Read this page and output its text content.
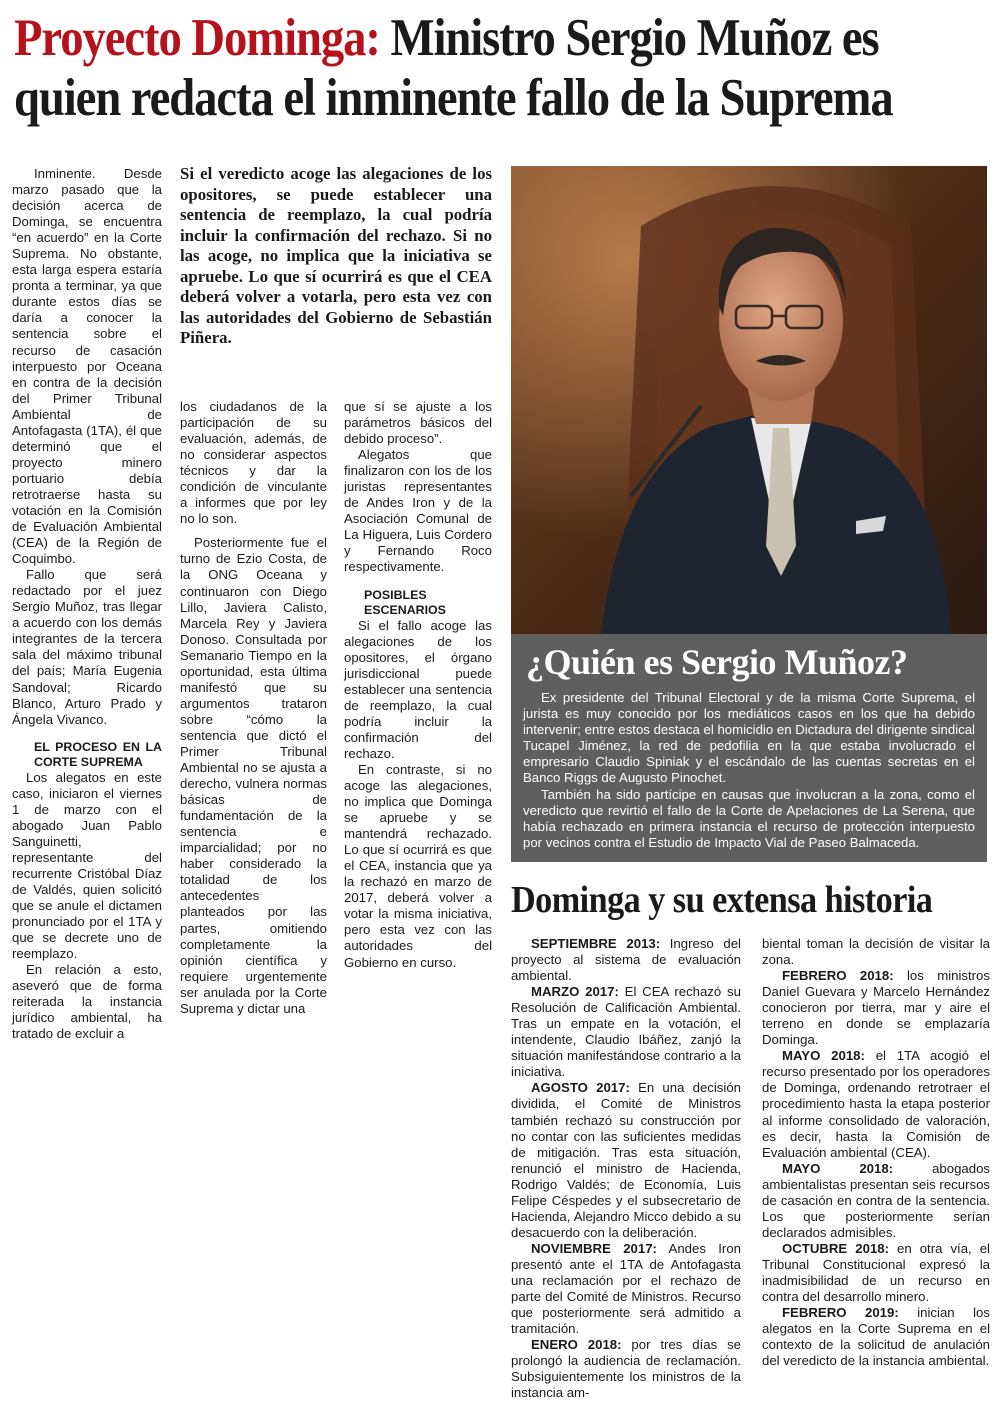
Proyecto Dominga: Ministro Sergio Muñoz es quien redacta el inminente fallo de la Suprema

Inminente. Desde marzo pasado que la decisión acerca de Dominga, se encuentra “en acuerdo” en la Corte Suprema. No obstante, esta larga espera estaría pronta a terminar, ya que durante estos días se daría a conocer la sentencia sobre el recurso de casación interpuesto por Oceana en contra de la decisión del Primer Tribunal Ambiental de Antofagasta (1TA), él que determinó que el proyecto minero portuario debía retrotraerse hasta su votación en la Comisión de Evaluación Ambiental (CEA) de la Región de Coquimbo.

Fallo que será redactado por el juez Sergio Muñoz, tras llegar a acuerdo con los demás integrantes de la tercera sala del máximo tribunal del país; María Eugenia Sandoval; Ricardo Blanco, Arturo Prado y Ángela Vivanco.

EL PROCESO EN LA CORTE SUPREMA

Los alegatos en este caso, iniciaron el viernes 1 de marzo con el abogado Juan Pablo Sanguinetti, representante del recurrente Cristóbal Díaz de Valdés, quien solicitó que se anule el dictamen pronunciado por el 1TA y que se decrete uno de reemplazo.

En relación a esto, aseveró que de forma reiterada la instancia jurídico ambiental, ha tratado de excluir a

Si el veredicto acoge las alegaciones de los opositores, se puede establecer una sentencia de reemplazo, la cual podría incluir la confirmación del rechazo. Si no las acoge, no implica que la iniciativa se apruebe. Lo que sí ocurrirá es que el CEA deberá volver a votarla, pero esta vez con las autoridades del Gobierno de Sebastián Piñera.

los ciudadanos de la participación de su evaluación, además, de no considerar aspectos técnicos y dar la condición de vinculante a informes que por ley no lo son.

Posteriormente fue el turno de Ezio Costa, de la ONG Oceana y continuaron con Diego Lillo, Javiera Calisto, Marcela Rey y Javiera Donoso. Consultada por Semanario Tiempo en la oportunidad, esta última manifestó que su argumentos trataron sobre “cómo la sentencia que dictó el Primer Tribunal Ambiental no se ajusta a derecho, vulnera normas básicas de fundamentación de la sentencia e imparcialidad; por no haber considerado la totalidad de los antecedentes planteados por las partes, omitiendo completamente la opinión científica y requiere urgentemente ser anulada por la Corte Suprema y dictar una

que sí se ajuste a los parámetros básicos del debido proceso”.

Alegatos que finalizaron con los de los juristas representantes de Andes Iron y de la Asociación Comunal de La Higuera, Luis Cordero y Fernando Roco respectivamente.

POSIBLES ESCENARIOS

Si el fallo acoge las alegaciones de los opositores, el órgano jurisdiccional puede establecer una sentencia de reemplazo, la cual podría incluir la confirmación del rechazo.

En contraste, si no acoge las alegaciones, no implica que Dominga se apruebe y se mantendrá rechazado. Lo que sí ocurrirá es que el CEA, instancia que ya la rechazó en marzo de 2017, deberá volver a votar la misma iniciativa, pero esta vez con las autoridades del Gobierno en curso.

¿Quién es Sergio Muñoz?

Ex presidente del Tribunal Electoral y de la misma Corte Suprema, el jurista es muy conocido por los mediáticos casos en los que ha debido intervenir; entre estos destaca el homicidio en Dictadura del dirigente sindical Tucapel Jiménez, la red de pedofilia en la que estaba involucrado el empresario Claudio Spiniak y el escándalo de las cuentas secretas en el Banco Riggs de Augusto Pinochet.

También ha sido partícipe en causas que involucran a la zona, como el veredicto que revirtió el fallo de la Corte de Apelaciones de La Serena, que había rechazado en primera instancia el recurso de protección interpuesto por vecinos contra el Estudio de Impacto Vial de Paseo Balmaceda.

Dominga y su extensa historia

SEPTIEMBRE 2013: Ingreso del proyecto al sistema de evaluación ambiental.

MARZO 2017: El CEA rechazó su Resolución de Calificación Ambiental. Tras un empate en la votación, el intendente, Claudio Ibáñez, zanjó la situación manifestándose contrario a la iniciativa.

AGOSTO 2017: En una decisión dividida, el Comité de Ministros también rechazó su construcción por no contar con las suficientes medidas de mitigación. Tras esta situación, renunció el ministro de Hacienda, Rodrigo Valdés; de Economía, Luis Felipe Céspedes y el subsecretario de Hacienda, Alejandro Micco debido a su desacuerdo con la deliberación.

NOVIEMBRE 2017: Andes Iron presentó ante el 1TA de Antofagasta una reclamación por el rechazo de parte del Comité de Ministros. Recurso que posteriormente será admitido a tramitación.

ENERO 2018: por tres días se prolongó la audiencia de reclamación. Subsiguientemente los ministros de la instancia am-

biental toman la decisión de visitar la zona.

FEBRERO 2018: los ministros Daniel Guevara y Marcelo Hernández conocieron por tierra, mar y aire el terreno en donde se emplazaría Dominga.

MAYO 2018: el 1TA acogió el recurso presentado por los operadores de Dominga, ordenando retrotraer el procedimiento hasta la etapa posterior al informe consolidado de valoración, es decir, hasta la Comisión de Evaluación ambiental (CEA).

MAYO 2018: abogados ambientalistas presentan seis recursos de casación en contra de la sentencia. Los que posteriormente serían declarados admisibles.

OCTUBRE 2018: en otra vía, el Tribunal Constitucional expresó la inadmisibilidad de un recurso en contra del desarrollo minero.

FEBRERO 2019: inician los alegatos en la Corte Suprema en el contexto de la solicitud de anulación del veredicto de la instancia ambiental.
